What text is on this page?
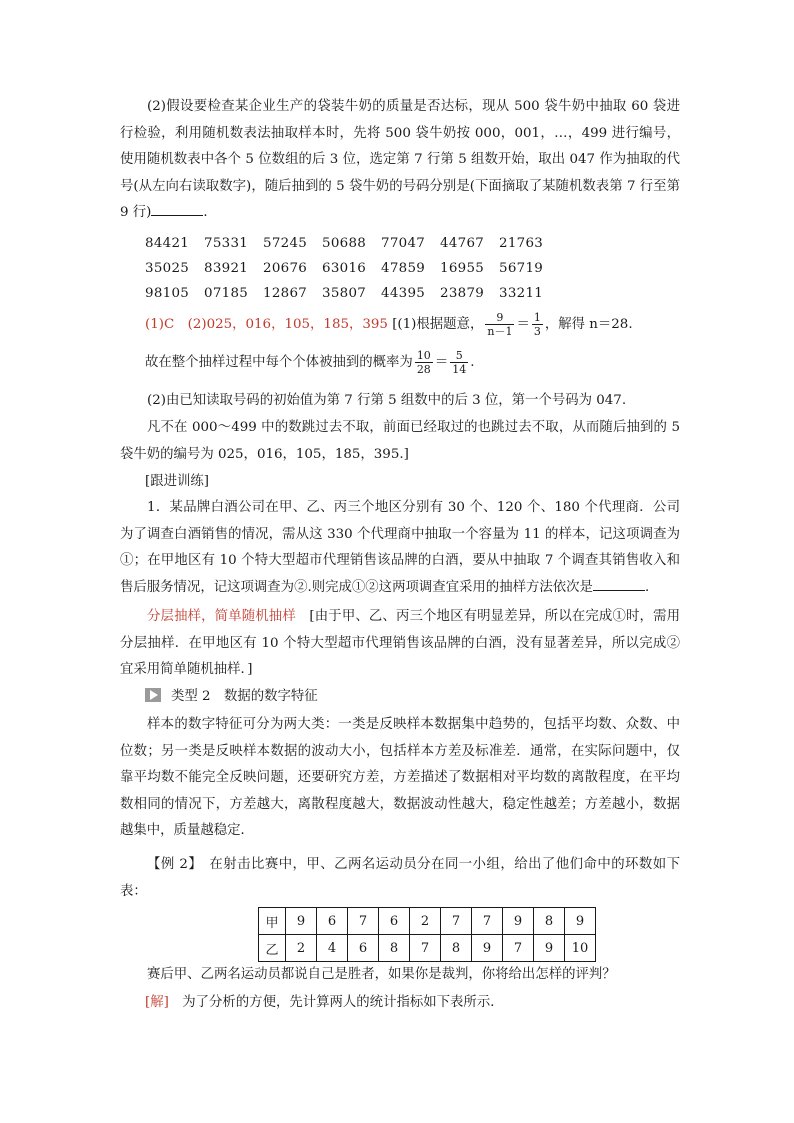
(2)假设要检查某企业生产的袋装牛奶的质量是否达标，现从 500 袋牛奶中抽取 60 袋进行检验，利用随机数表法抽取样本时，先将 500 袋牛奶按 000，001，…，499 进行编号，使用随机数表中各个 5 位数组的后 3 位，选定第 7 行第 5 组数开始，取出 047 作为抽取的代号(从左向右读取数字)，随后抽到的 5 袋牛奶的号码分别是(下面摘取了某随机数表第 7 行至第 9 行)	．
84421 75331 57245 50688 77047 44767 21763
35025 83921 20676 63016 47859 16955 56719
98105 07185 12867 35807 44395 23879 33211
(1)C　(2)025，016，105，185，395 [(1)根据题意， $\frac{9}{n-1} = \frac{1}{3}$ ，解得 n＝28.
故在整个抽样过程中每个个体被抽到的概率为 $\frac{10}{28} = \frac{5}{14}$ .
(2)由已知读取号码的初始值为第 7 行第 5 组数中的后 3 位，第一个号码为 047.
凡不在 000～499 中的数跳过去不取，前面已经取过的也跳过去不取，从而随后抽到的 5 袋牛奶的编号为 025，016，105，185，395.]
[跟进训练]
1．某品牌白酒公司在甲、乙、丙三个地区分别有 30 个、120 个、180 个代理商．公司为了调查白酒销售的情况，需从这 330 个代理商中抽取一个容量为 11 的样本，记这项调查为①；在甲地区有 10 个特大型超市代理销售该品牌的白酒，要从中抽取 7 个调查其销售收入和售后服务情况，记这项调查为②.则完成①②这两项调查宜采用的抽样方法依次是	．
分层抽样，简单随机抽样　[由于甲、乙、丙三个地区有明显差异，所以在完成①时，需用分层抽样．在甲地区有 10 个特大型超市代理销售该品牌的白酒，没有显著差异，所以完成②宜采用简单随机抽样．]
类型 2　数据的数字特征
样本的数字特征可分为两大类：一类是反映样本数据集中趋势的，包括平均数、众数、中位数；另一类是反映样本数据的波动大小，包括样本方差及标准差．通常，在实际问题中，仅靠平均数不能完全反映问题，还要研究方差，方差描述了数据相对平均数的离散程度，在平均数相同的情况下，方差越大，离散程度越大，数据波动性越大，稳定性越差；方差越小，数据越集中，质量越稳定．
【例 2】　在射击比赛中，甲、乙两名运动员分在同一小组，给出了他们命中的环数如下表：
甲	9	6	7	6	2	7	7	9	8	9
乙	2	4	6	8	7	8	9	7	9	10
赛后甲、乙两名运动员都说自己是胜者，如果你是裁判，你将给出怎样的评判？
[解]　为了分析的方便，先计算两人的统计指标如下表所示．
